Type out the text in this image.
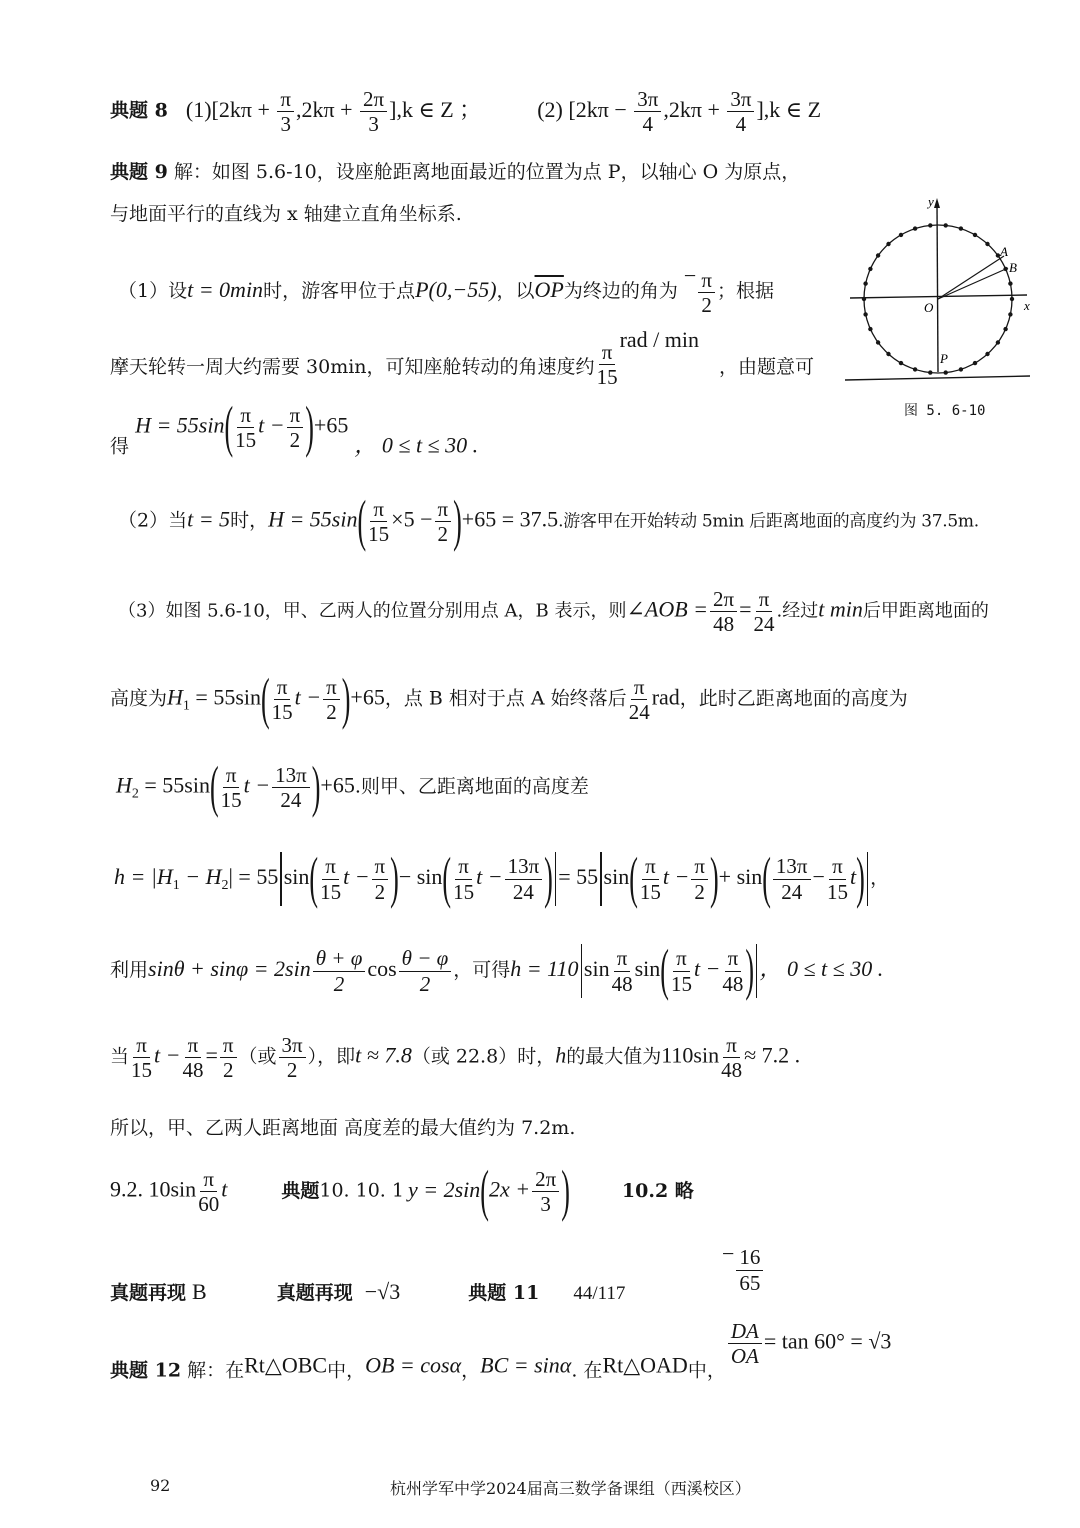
典题 8 $(1)[2k\pi + \frac{\pi}{3} ,2k\pi + \frac{2\pi}{3} ],k$ ∈ Z ；	(2) $[2k\pi - \frac{3\pi}{4} ,2k\pi + \frac{3\pi}{4} ],k$ ∈ Z
典题 9 解：如图 5.6-10，设座舱距离地面最近的位置为点 P，以轴心 O 为原点，
与地面平行的直线为 x 轴建立直角坐标系.
（1）设t = 0min时，游客甲位于点P(0,−55)，以$\overline{OP}$为终边的角为 − $\frac{\pi}{2}$ ；根据
摩天轮转一周大约需要 30min，可知座舱转动的角速度约 $\frac{\pi}{15}$
rad / min，由题意可
得 $H = 55\sin( \frac{\pi}{15}$ $t - \frac{\pi}{2} )+65$ ， 0 ≤ t ≤ 30 .
（2）当t = 5时，$H = 55\sin( \frac{\pi}{15} \times 5 - \frac{\pi}{2} )+65 = 37.5$.游客甲在开始转动 5min 后距离地面的高度约为 37.5m.
（3）如图 5.6-10，甲、乙两人的位置分别用点 A，B 表示，则∠AOB = $\frac{2\pi}{48} = \frac{\pi}{24}$ .经过t min后甲距离地面的
高度为$H_1 = 55\sin( \frac{\pi}{15}$ $t - \frac{\pi}{2} )+65$，点 B 相对于点 A 始终落后 $\frac{\pi}{24}$ rad，此时乙距离地面的高度为
$H_2 = 55\sin( \frac{\pi}{15}$ $t - \frac{13\pi}{24} )+65$.则甲、乙距离地面的高度差
$h = |H_1 - H_2| = 55$ $\sin( \frac{\pi}{15}$ $t - \frac{\pi}{2}$ )− $\sin( \frac{\pi}{15}$ $t - \frac{13\pi}{24}$ ) = 55 $\sin( \frac{\pi}{15}$ $t - \frac{\pi}{2}$ )+ $\sin( \frac{13\pi}{24} - \frac{\pi}{15} t)$ ，
利用$\sin\theta + \sin\varphi = 2\sin \frac{\theta + \varphi}{2}$ $\cos \frac{\theta - \varphi}{2}$ ，可得h = 110 $\sin \frac{\pi}{48} \sin( \frac{\pi}{15}$ $t - \frac{\pi}{48}$ ) ， 0 ≤ t ≤ 30 .
当 $\frac{\pi}{15}$ $t - \frac{\pi}{48} = \frac{\pi}{2}$ （或 $\frac{3\pi}{2}$ ），即t ≈ 7.8（或 22.8）时，h的最大值为$110\sin \frac{\pi}{48} \approx 7.2$ .
所以，甲、乙两人距离地面 高度差的最大值约为 7.2m.
9.2. $10\sin \frac{\pi}{60}$ t	典题10. 10. 1 $y = 2\sin(2x + \frac{2\pi}{3}$ )	10.2 略
真题再现 B	真题再现 −√3	典题 11 44/117
− $\frac{16}{65}$
典题 12 解：在Rt△OBC中，OB = cosα，BC = sinα. 在Rt△OAD中，
$\frac{DA}{OA} = \tan 60^\circ = √3$
y
x
O
A
B
P
图 5. 6-10
92	杭州学军中学2024届高三数学备课组（西溪校区）
